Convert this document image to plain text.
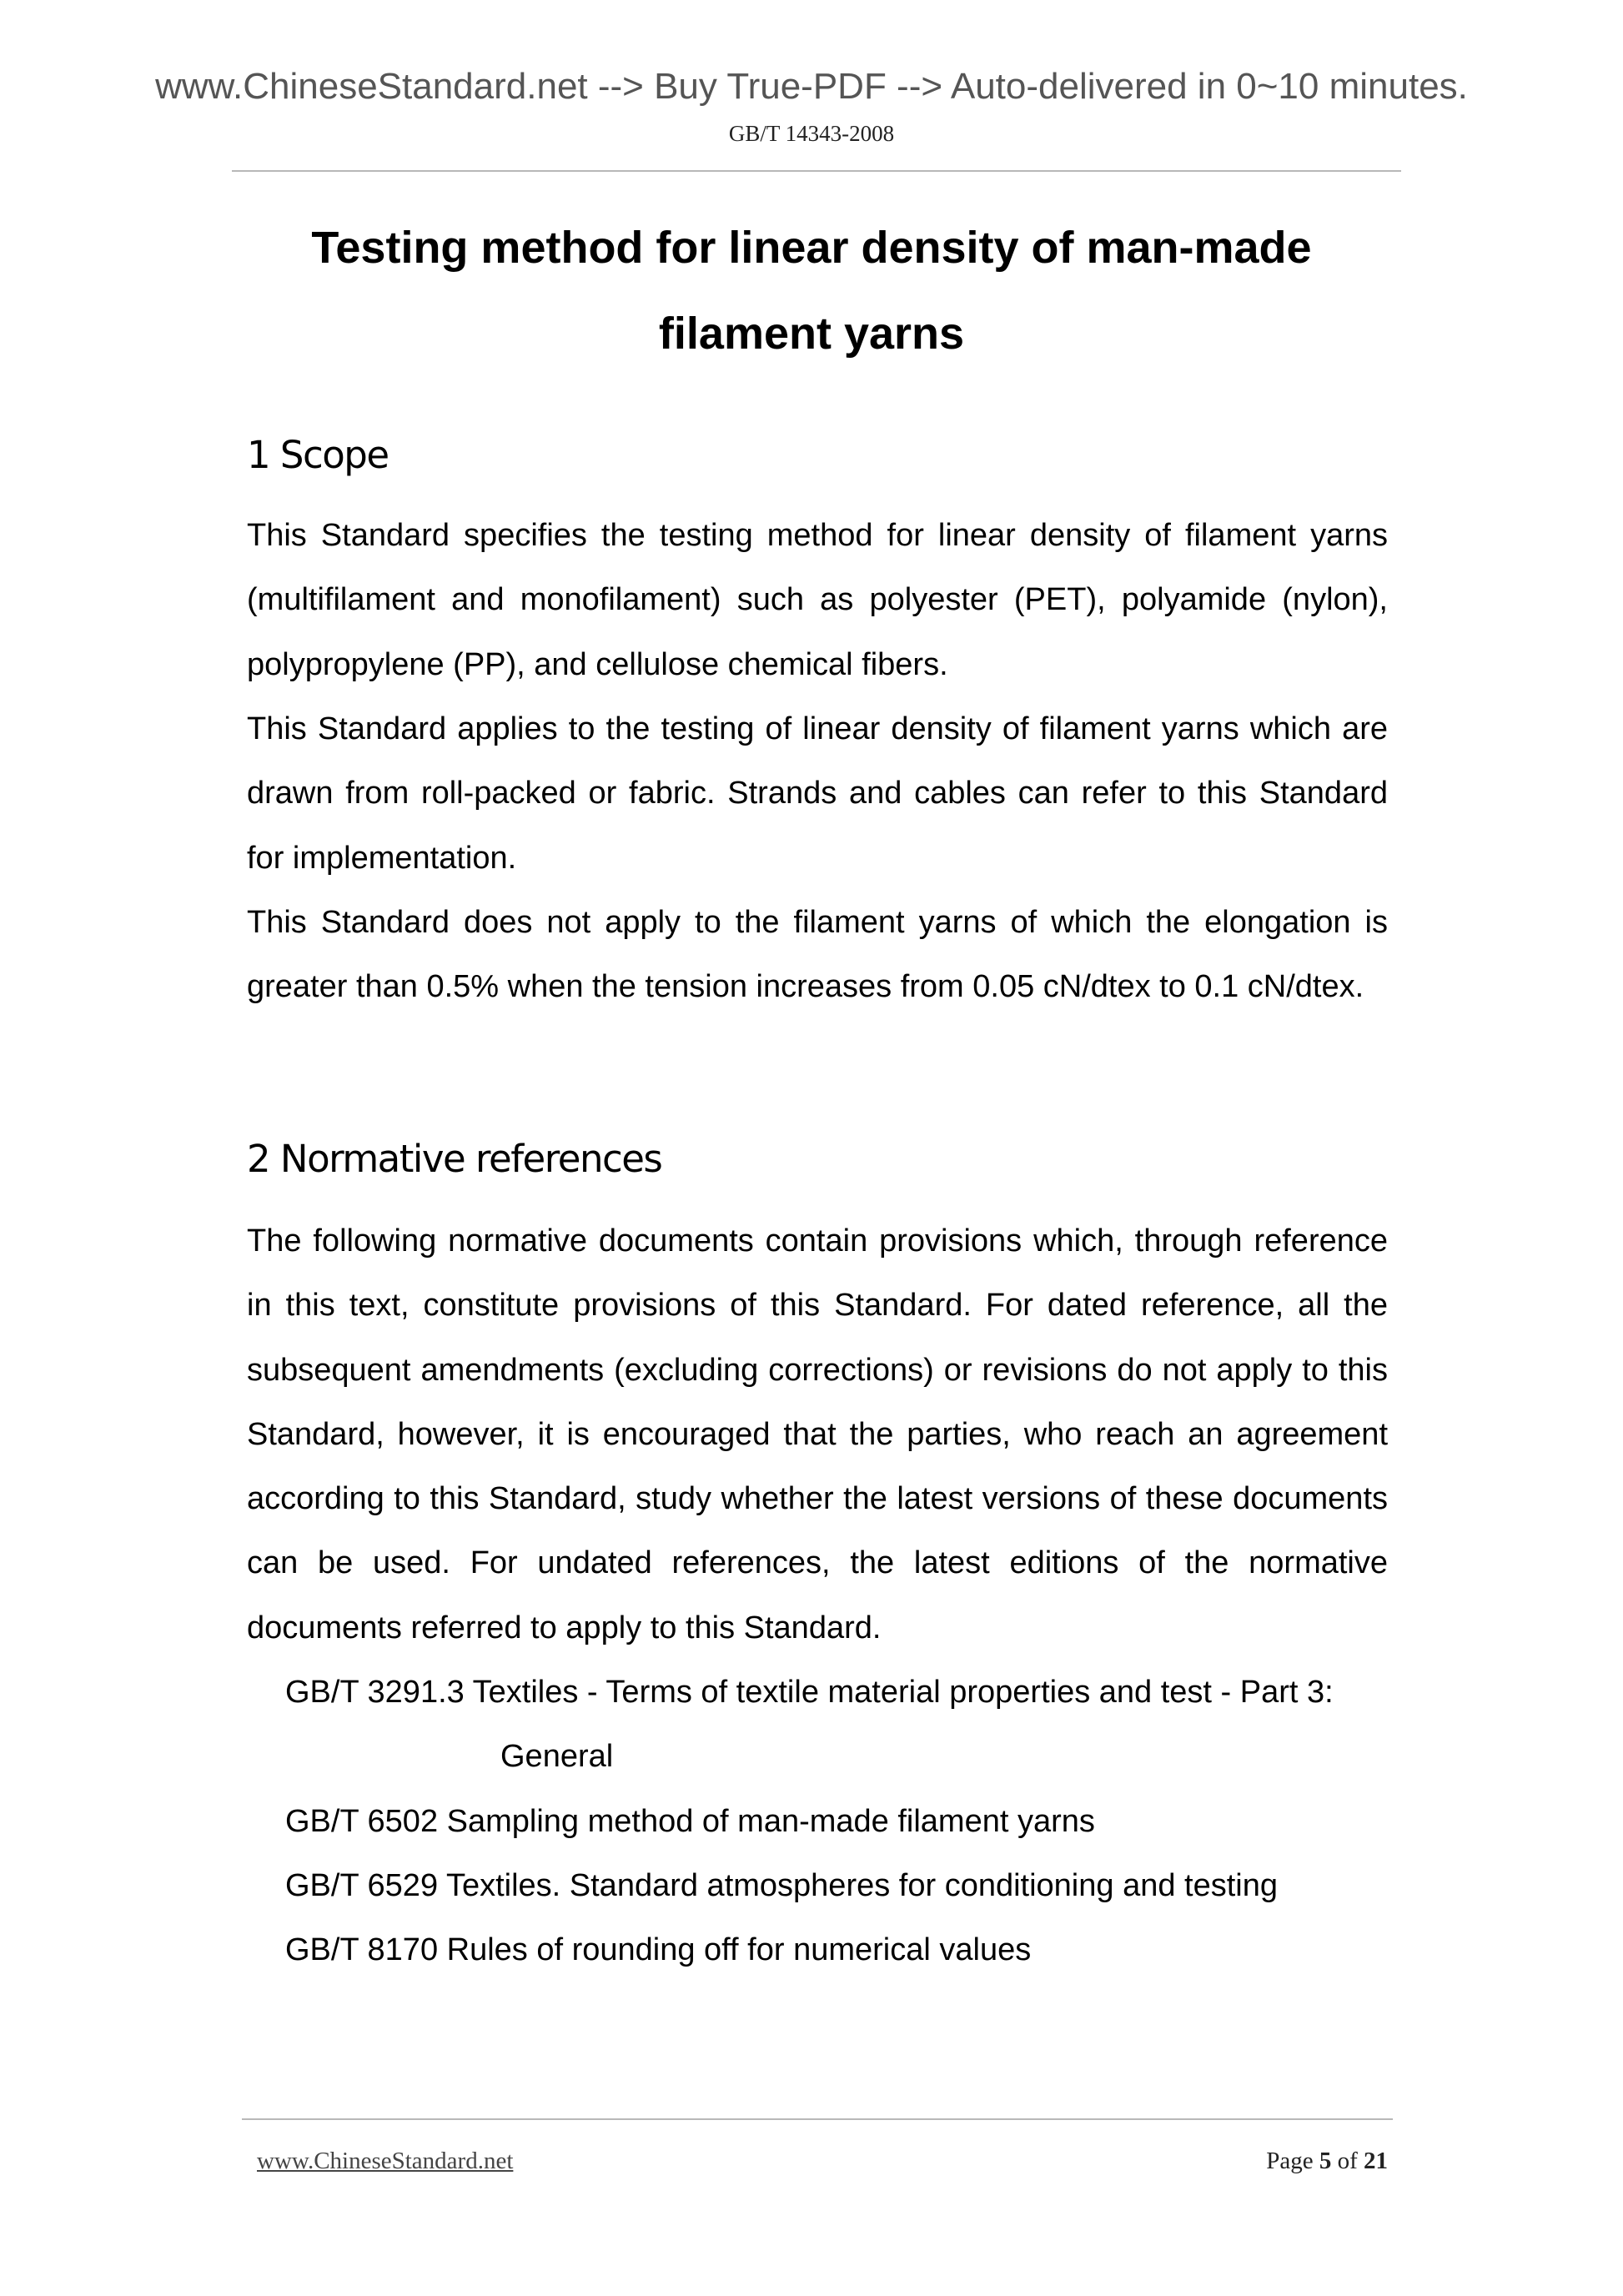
www.ChineseStandard.net --> Buy True-PDF --> Auto-delivered in 0~10 minutes.
GB/T 14343-2008
Testing method for linear density of man-made
filament yarns
1 Scope

This Standard specifies the testing method for linear density of filament yarns (multifilament and monofilament) such as polyester (PET), polyamide (nylon), polypropylene (PP), and cellulose chemical fibers.

This Standard applies to the testing of linear density of filament yarns which are drawn from roll-packed or fabric. Strands and cables can refer to this Standard for implementation.

This Standard does not apply to the filament yarns of which the elongation is greater than 0.5% when the tension increases from 0.05 cN/dtex to 0.1 cN/dtex.

2 Normative references

The following normative documents contain provisions which, through reference in this text, constitute provisions of this Standard. For dated reference, all the subsequent amendments (excluding corrections) or revisions do not apply to this Standard, however, it is encouraged that the parties, who reach an agreement according to this Standard, study whether the latest versions of these documents can be used. For undated references, the latest editions of the normative documents referred to apply to this Standard.

GB/T 3291.3 Textiles - Terms of textile material properties and test - Part 3: General
GB/T 6502 Sampling method of man-made filament yarns
GB/T 6529 Textiles. Standard atmospheres for conditioning and testing
GB/T 8170 Rules of rounding off for numerical values
www.ChineseStandard.net	Page 5 of 21
